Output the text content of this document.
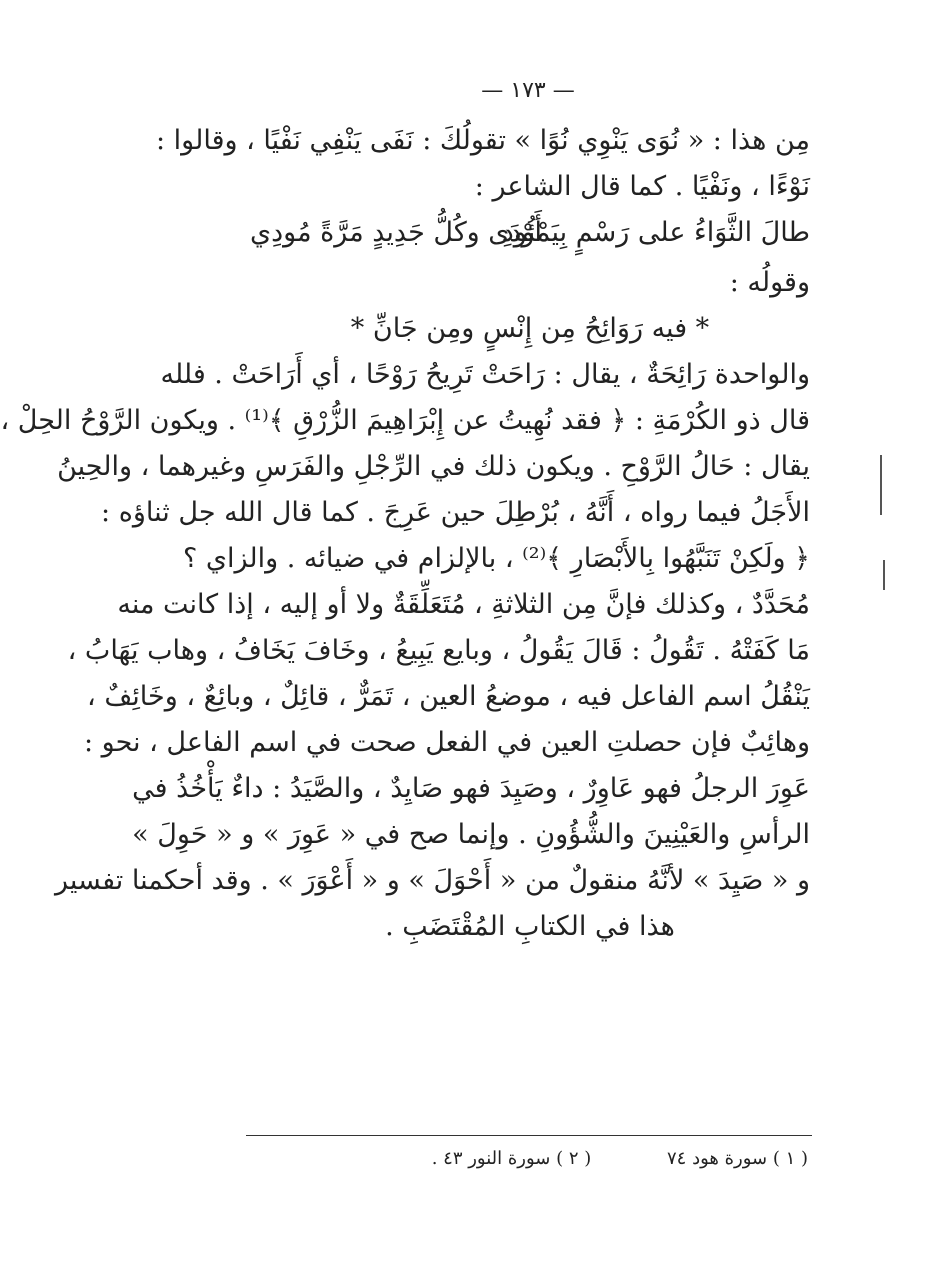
— ١٧٣ —
مِن هذا : « نُوَى يَنْوِي نُوًا » تقولُكَ : نَفَى يَنْفِي نَفْيًا ، وقالوا :
نَوْءًا ، ونَفْيًا . كما قال الشاعر :
طالَ الثَّوَاءُ على رَسْمٍ بِيَمْئُودِ
أَوْدَى وكُلُّ جَدِيدٍ مَرَّةً مُودِي
وقولُه :
* فيه رَوَائِحُ مِن إِنْسٍ ومِن جَانِّ *
والواحدة رَائِحَةٌ ، يقال : رَاحَتْ تَرِيحُ رَوْحًا ، أي أَرَاحَتْ . فلله
قال ذو الكُرْمَةِ : ﴿ فقد نُهِيتُ عن إِبْرَاهِيمَ الزُّرْقِ ﴾⁽¹⁾ . ويكون الرَّوْحُ الحِلْ ،
يقال : حَالُ الرَّوْحِ . ويكون ذلك في الرِّجْلِ والفَرَسِ وغيرهما ، والحِينُ
الأَجَلُ فيما رواه ، أَنَّهُ ، بُرْطِلَ حين عَرِجَ . كما قال الله جل ثناؤه :
﴿ ولَكِنْ تَنَبَّهُوا بِالأَبْصَارِ ﴾⁽²⁾ ، بالإلزام في ضيائه . والزاي ؟
مُحَدَّدٌ ، وكذلك فإنَّ مِن الثلاثةِ ، مُتَعَلِّقَةٌ ولا أو إليه ، إذا كانت منه
مَا كَفَتْهُ . تَقُولُ : قَالَ يَقُولُ ، وبايع يَبِيعُ ، وخَافَ يَخَافُ ، وهاب يَهَابُ ،
يَنْقُلُ اسم الفاعل فيه ، موضعُ العين ، تَمَرٌّ ، قائِلٌ ، وبائِعٌ ، وخَائِفٌ ،
وهائِبٌ فإن حصلتِ العين في الفعل صحت في اسم الفاعل ، نحو :
عَوِرَ الرجلُ فهو عَاوِرٌ ، وصَيِدَ فهو صَايِدٌ ، والصَّيَدُ : داءٌ يَأْخُذُ في
الرأسِ والعَيْنِينَ والشُّؤُونِ . وإنما صح في « عَوِرَ » و « حَوِلَ »
و « صَيِدَ » لأنَّهُ منقولٌ من « أَحْوَلَ » و « أَعْوَرَ » . وقد أحكمنا تفسير
هذا في الكتابِ المُقْتَضَبِ .
( ١ ) سورة هود ٧٤ ( ٢ ) سورة النور ٤٣ .
